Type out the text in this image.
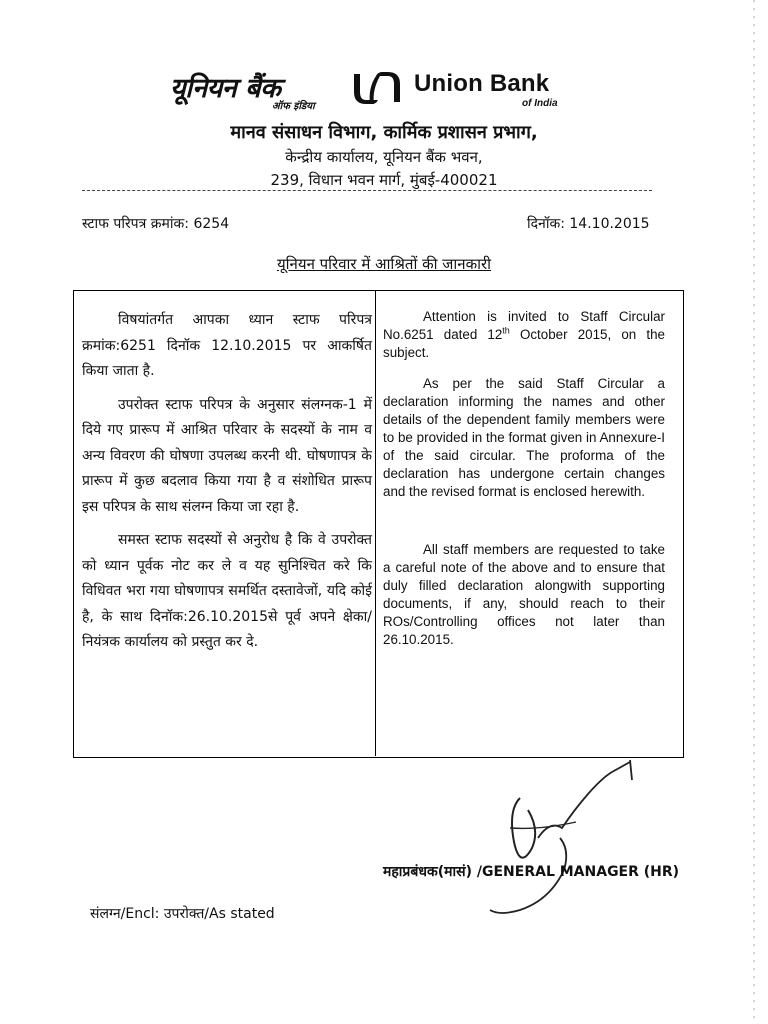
यूनियन बैंक
ऑफ इंडिया
Union Bank
of India
मानव संसाधन विभाग, कार्मिक प्रशासन प्रभाग,
केन्द्रीय कार्यालय, यूनियन बैंक भवन,
239, विधान भवन मार्ग, मुंबई-400021
स्टाफ परिपत्र क्रमांक: 6254	दिनॉक: 14.10.2015
यूनियन परिवार में आश्रितों की जानकारी

विषयांतर्गत आपका ध्यान स्टाफ परिपत्र क्रमांक:6251 दिनॉक 12.10.2015 पर आकर्षित किया जाता है.

उपरोक्त स्टाफ परिपत्र के अनुसार संलग्नक-1 में दिये गए प्रारूप में आश्रित परिवार के सदस्यों के नाम व अन्य विवरण की घोषणा उपलब्ध करनी थी. घोषणापत्र के प्रारूप में कुछ बदलाव किया गया है व संशोधित प्रारूप इस परिपत्र के साथ संलग्न किया जा रहा है.

समस्त स्टाफ सदस्यों से अनुरोध है कि वे उपरोक्त को ध्यान पूर्वक नोट कर ले व यह सुनिश्चित करे कि विधिवत भरा गया घोषणापत्र समर्थित दस्तावेजों, यदि कोई है, के साथ दिनॉक:26.10.2015से पूर्व अपने क्षेका/नियंत्रक कार्यालय को प्रस्तुत कर दे.

Attention is invited to Staff Circular No.6251 dated 12th October 2015, on the subject.

As per the said Staff Circular a declaration informing the names and other details of the dependent family members were to be provided in the format given in Annexure-I of the said circular. The proforma of the declaration has undergone certain changes and the revised format is enclosed herewith.

All staff members are requested to take a careful note of the above and to ensure that duly filled declaration alongwith supporting documents, if any, should reach to their ROs/Controlling offices not later than 26.10.2015.

महाप्रबंधक(मासं) /GENERAL MANAGER (HR)
संलग्न/Encl: उपरोक्त/As stated
